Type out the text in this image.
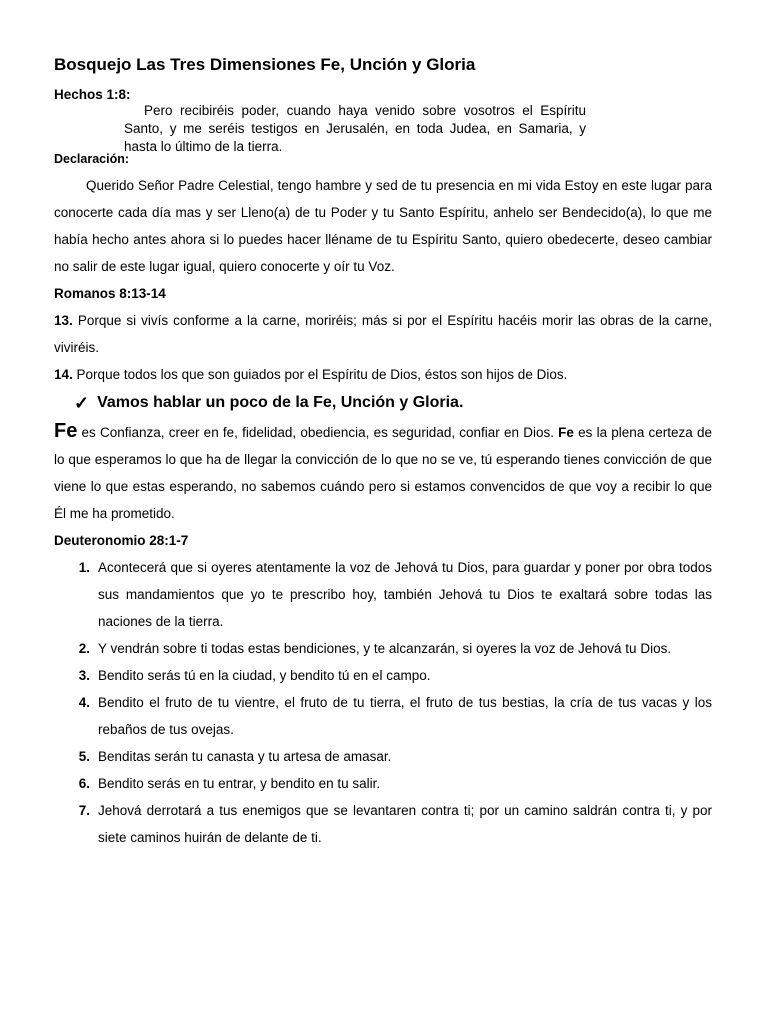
Bosquejo Las Tres Dimensiones Fe, Unción y Gloria
Hechos 1:8:
Pero recibiréis poder, cuando haya venido sobre vosotros el Espíritu Santo, y me seréis testigos en Jerusalén, en toda Judea, en Samaria, y hasta lo último de la tierra.
Declaración:
Querido Señor Padre Celestial, tengo hambre y sed de tu presencia en mi vida Estoy en este lugar para conocerte cada día mas y ser Lleno(a) de tu Poder y tu Santo Espíritu, anhelo ser Bendecido(a), lo que me había hecho antes ahora si lo puedes hacer lléname de tu Espíritu Santo, quiero obedecerte, deseo cambiar no salir de este lugar igual, quiero conocerte y oír tu Voz.
Romanos 8:13-14
13. Porque si vivís conforme a la carne, moriréis; más si por el Espíritu hacéis morir las obras de la carne, viviréis.
14. Porque todos los que son guiados por el Espíritu de Dios, éstos son hijos de Dios.
✓ Vamos hablar un poco de la Fe, Unción y Gloria.
Fe es Confianza, creer en fe, fidelidad, obediencia, es seguridad, confiar en Dios. Fe es la plena certeza de lo que esperamos lo que ha de llegar la convicción de lo que no se ve, tú esperando tienes convicción de que viene lo que estas esperando, no sabemos cuándo pero si estamos convencidos de que voy a recibir lo que Él me ha prometido.
Deuteronomio 28:1-7
1. Acontecerá que si oyeres atentamente la voz de Jehová tu Dios, para guardar y poner por obra todos sus mandamientos que yo te prescribo hoy, también Jehová tu Dios te exaltará sobre todas las naciones de la tierra.
2. Y vendrán sobre ti todas estas bendiciones, y te alcanzarán, si oyeres la voz de Jehová tu Dios.
3. Bendito serás tú en la ciudad, y bendito tú en el campo.
4. Bendito el fruto de tu vientre, el fruto de tu tierra, el fruto de tus bestias, la cría de tus vacas y los rebaños de tus ovejas.
5. Benditas serán tu canasta y tu artesa de amasar.
6. Bendito serás en tu entrar, y bendito en tu salir.
7. Jehová derrotará a tus enemigos que se levantaren contra ti; por un camino saldrán contra ti, y por siete caminos huirán de delante de ti.
